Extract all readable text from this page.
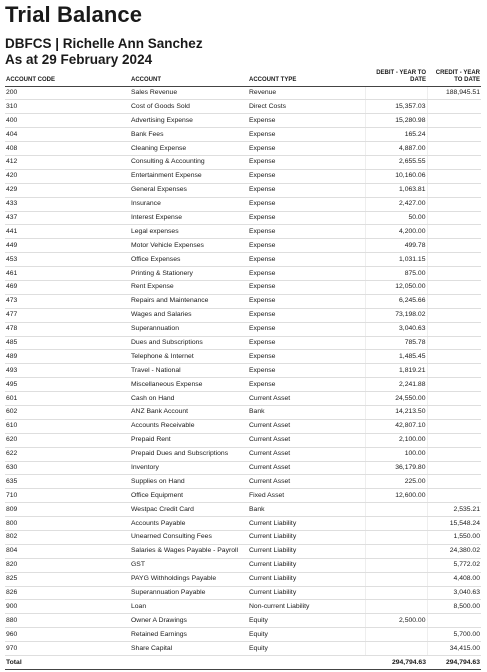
Trial Balance

DBFCS | Richelle Ann Sanchez

As at 29 February 2024

ACCOUNT CODE	ACCOUNT	ACCOUNT TYPE	DEBIT - YEAR TO DATE	CREDIT - YEAR TO DATE
200	Sales Revenue	Revenue		188,945.51
310	Cost of Goods Sold	Direct Costs	15,357.03	
400	Advertising Expense	Expense	15,280.98	
404	Bank Fees	Expense	165.24	
408	Cleaning Expense	Expense	4,887.00	
412	Consulting & Accounting	Expense	2,655.55	
420	Entertainment Expense	Expense	10,160.06	
429	General Expenses	Expense	1,063.81	
433	Insurance	Expense	2,427.00	
437	Interest Expense	Expense	50.00	
441	Legal expenses	Expense	4,200.00	
449	Motor Vehicle Expenses	Expense	499.78	
453	Office Expenses	Expense	1,031.15	
461	Printing & Stationery	Expense	875.00	
469	Rent Expense	Expense	12,050.00	
473	Repairs and Maintenance	Expense	6,245.66	
477	Wages and Salaries	Expense	73,198.02	
478	Superannuation	Expense	3,040.63	
485	Dues and Subscriptions	Expense	785.78	
489	Telephone & Internet	Expense	1,485.45	
493	Travel - National	Expense	1,819.21	
495	Miscellaneous Expense	Expense	2,241.88	
601	Cash on Hand	Current Asset	24,550.00	
602	ANZ Bank Account	Bank	14,213.50	
610	Accounts Receivable	Current Asset	42,807.10	
620	Prepaid Rent	Current Asset	2,100.00	
622	Prepaid Dues and Subscriptions	Current Asset	100.00	
630	Inventory	Current Asset	36,179.80	
635	Supplies on Hand	Current Asset	225.00	
710	Office Equipment	Fixed Asset	12,600.00	
809	Westpac Credit Card	Bank		2,535.21
800	Accounts Payable	Current Liability		15,548.24
802	Unearned Consulting Fees	Current Liability		1,550.00
804	Salaries & Wages Payable - Payroll	Current Liability		24,380.02
820	GST	Current Liability		5,772.02
825	PAYG Withholdings Payable	Current Liability		4,408.00
826	Superannuation Payable	Current Liability		3,040.63
900	Loan	Non-current Liability		8,500.00
880	Owner A Drawings	Equity	2,500.00	
960	Retained Earnings	Equity		5,700.00
970	Share Capital	Equity		34,415.00
Total			294,794.63	294,794.63
